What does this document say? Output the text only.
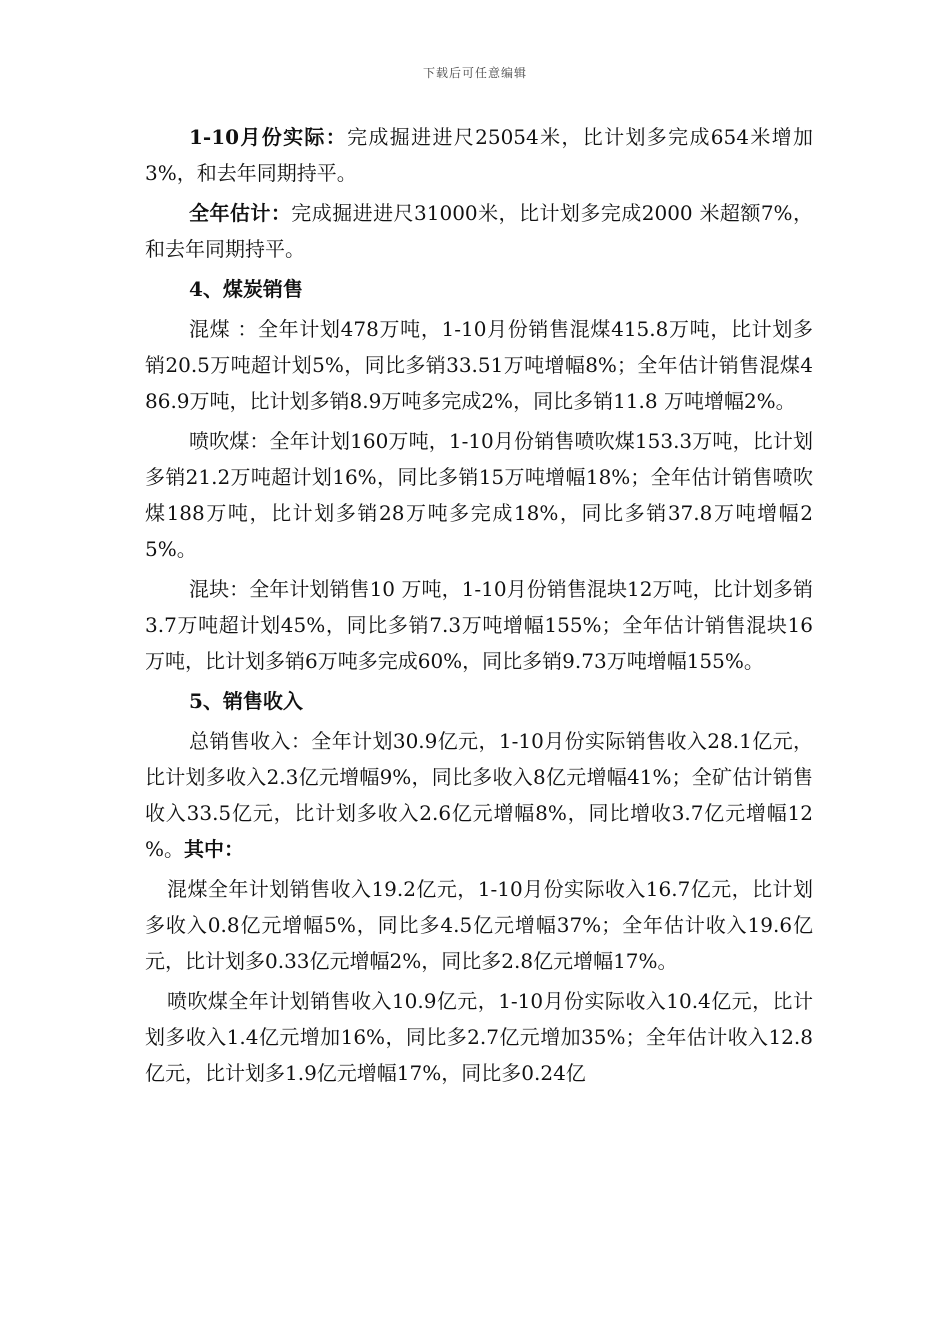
下载后可任意编辑

1-10月份实际：完成掘进进尺25054米，比计划多完成654米增加3%，和去年同期持平。

全年估计：完成掘进进尺31000米，比计划多完成2000 米超额7%，和去年同期持平。

4、煤炭销售

混煤 ：全年计划478万吨，1-10月份销售混煤415.8万吨，比计划多销20.5万吨超计划5%，同比多销33.51万吨增幅8%；全年估计销售混煤486.9万吨，比计划多销8.9万吨多完成2%，同比多销11.8 万吨增幅2%。

喷吹煤：全年计划160万吨，1-10月份销售喷吹煤153.3万吨，比计划多销21.2万吨超计划16%，同比多销15万吨增幅18%；全年估计销售喷吹煤188万吨，比计划多销28万吨多完成18%，同比多销37.8万吨增幅25%。

混块：全年计划销售10 万吨，1-10月份销售混块12万吨，比计划多销3.7万吨超计划45%，同比多销7.3万吨增幅155%；全年估计销售混块16万吨，比计划多销6万吨多完成60%，同比多销9.73万吨增幅155%。

5、销售收入

总销售收入：全年计划30.9亿元，1-10月份实际销售收入28.1亿元，比计划多收入2.3亿元增幅9%，同比多收入8亿元增幅41%；全矿估计销售收入33.5亿元，比计划多收入2.6亿元增幅8%，同比增收3.7亿元增幅12 %。其中：

混煤全年计划销售收入19.2亿元，1-10月份实际收入16.7亿元，比计划多收入0.8亿元增幅5%，同比多4.5亿元增幅37%；全年估计收入19.6亿元，比计划多0.33亿元增幅2%，同比多2.8亿元增幅17%。

喷吹煤全年计划销售收入10.9亿元，1-10月份实际收入10.4亿元，比计划多收入1.4亿元增加16%，同比多2.7亿元增加35%；全年估计收入12.8亿元，比计划多1.9亿元增幅17%，同比多0.24亿
